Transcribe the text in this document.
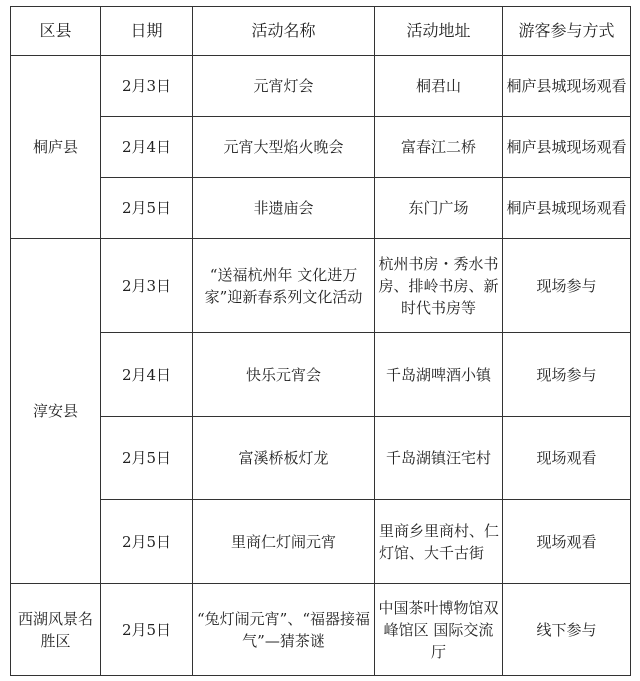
区县	日期	活动名称	活动地址	游客参与方式
桐庐县	2月3日	元宵灯会	桐君山	桐庐县城现场观看
	2月4日	元宵大型焰火晚会	富春江二桥	桐庐县城现场观看
	2月5日	非遗庙会	东门广场	桐庐县城现场观看
淳安县	2月3日	“送福杭州年 文化进万家”迎新春系列文化活动	杭州书房・秀水书房、排岭书房、新时代书房等	现场参与
	2月4日	快乐元宵会	千岛湖啤酒小镇	现场参与
	2月5日	富溪桥板灯龙	千岛湖镇汪宅村	现场观看
	2月5日	里商仁灯闹元宵	里商乡里商村、仁灯馆、大千古街	现场观看
西湖风景名胜区	2月5日	“兔灯闹元宵”、“福器接福气”—猜茶谜	中国茶叶博物馆双峰馆区 国际交流厅	线下参与
